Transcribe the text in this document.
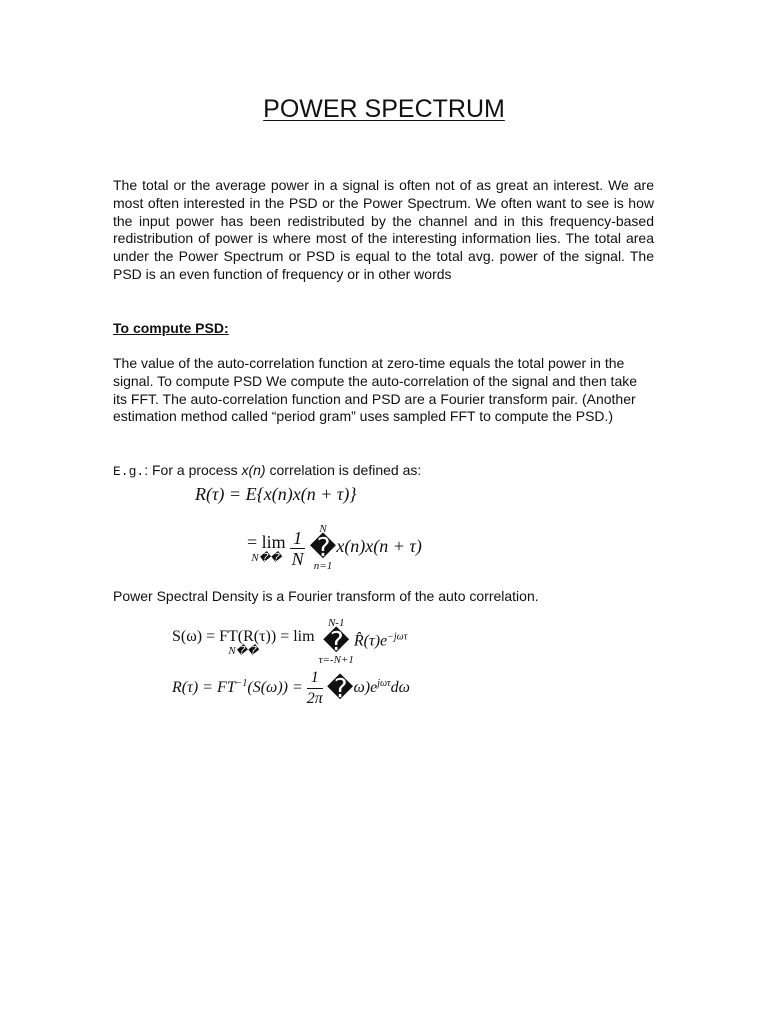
POWER SPECTRUM
The total or the average power in a signal is often not of as great an interest. We are most often interested in the PSD or the Power Spectrum. We often want to see is how the input power has been redistributed by the channel and in this frequency-based redistribution of power is where most of the interesting information lies. The total area under the Power Spectrum or PSD is equal to the total avg. power of the signal. The PSD is an even function of frequency or in other words
To compute PSD:
The value of the auto-correlation function at zero-time equals the total power in the signal. To compute PSD We compute the auto-correlation of the signal and then take its FFT. The auto-correlation function and PSD are a Fourier transform pair. (Another estimation method called “period gram” uses sampled FFT to compute the PSD.)
E.g.: For a process x(n) correlation is defined as:
R(τ) = E{x(n)x(n + τ)}
= lim
N��
$\frac{1}{N}$
	N
�
n=1
x(n)x(n + τ)
Power Spectral Density is a Fourier transform of the auto correlation.
S(ω) = FT(R(τ)) = lim
N��

N-1
�
τ=-N+1
$R̂(\tau)e^{-j\omega\tau}$
$R(\tau) = FT^{-1}(S(\omega)) = \frac{1}{2\pi}$
� $\omega)e^{j\omega\tau}d\omega$
